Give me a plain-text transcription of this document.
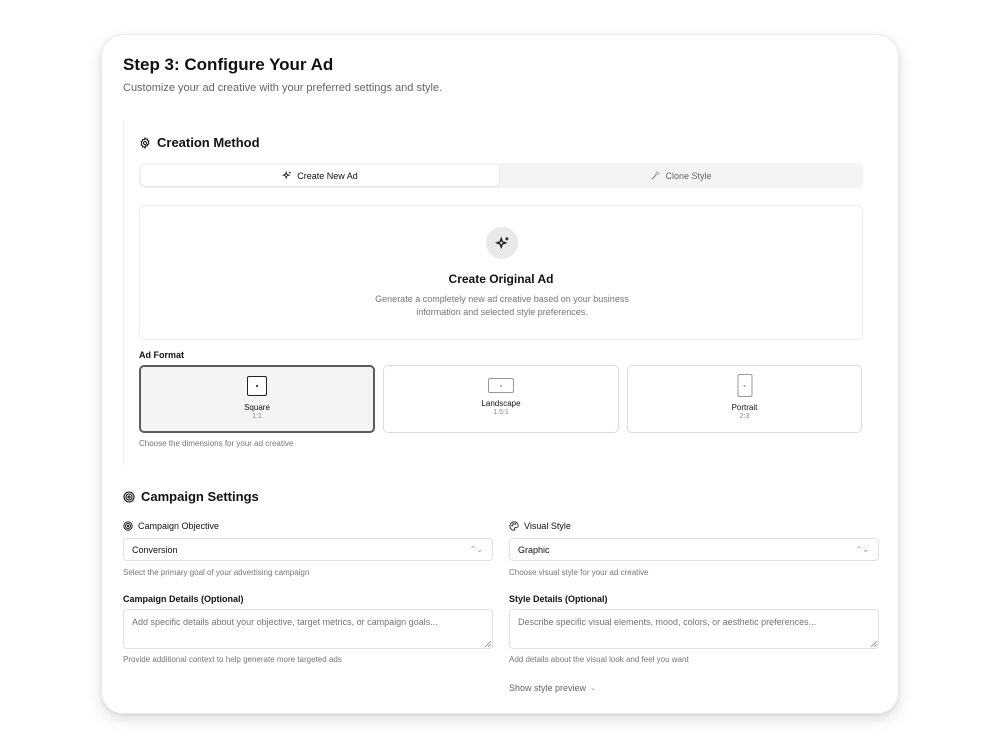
Step 3: Configure Your Ad
Customize your ad creative with your preferred settings and style.
Creation Method
Create New Ad	Clone Style
Create Original Ad
Generate a completely new ad creative based on your business information and selected style preferences.
Ad Format
Square
1:1
Landscape
1.5:1
Portrait
2:3
Choose the dimensions for your ad creative
Campaign Settings
Campaign Objective
Conversion	⌃⌄
Select the primary goal of your advertising campaign
Visual Style
Graphic	⌃⌄
Choose visual style for your ad creative
Campaign Details (Optional)
Add specific details about your objective, target metrics, or campaign goals...
Provide additional context to help generate more targeted ads
Style Details (Optional)
Describe specific visual elements, mood, colors, or aesthetic preferences...
Add details about the visual look and feel you want
Show style preview ⌄
